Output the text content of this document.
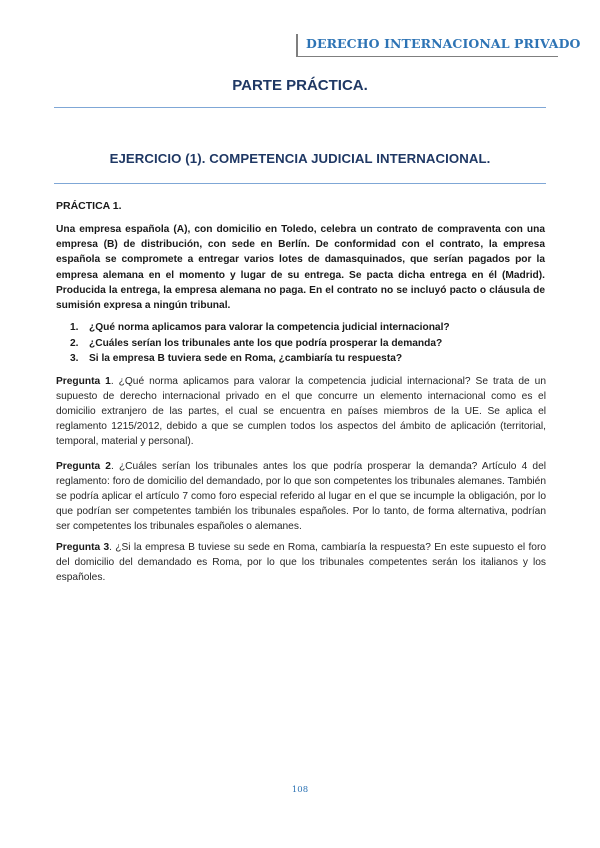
DERECHO INTERNACIONAL PRIVADO
PARTE PRÁCTICA.
EJERCICIO (1). COMPETENCIA JUDICIAL INTERNACIONAL.
PRÁCTICA 1.
Una empresa española (A), con domicilio en Toledo, celebra un contrato de compraventa con una empresa (B) de distribución, con sede en Berlín. De conformidad con el contrato, la empresa española se compromete a entregar varios lotes de damasquinados, que serían pagados por la empresa alemana en el momento y lugar de su entrega. Se pacta dicha entrega en él (Madrid). Producida la entrega, la empresa alemana no paga. En el contrato no se incluyó pacto o cláusula de sumisión expresa a ningún tribunal.
1.	¿Qué norma aplicamos para valorar la competencia judicial internacional?
2.	¿Cuáles serían los tribunales ante los que podría prosperar la demanda?
3.	Si la empresa B tuviera sede en Roma, ¿cambiaría tu respuesta?
Pregunta 1. ¿Qué norma aplicamos para valorar la competencia judicial internacional? Se trata de un supuesto de derecho internacional privado en el que concurre un elemento internacional como es el domicilio extranjero de las partes, el cual se encuentra en países miembros de la UE. Se aplica el reglamento 1215/2012, debido a que se cumplen todos los aspectos del ámbito de aplicación (territorial, temporal, material y personal).
Pregunta 2. ¿Cuáles serían los tribunales antes los que podría prosperar la demanda? Artículo 4 del reglamento: foro de domicilio del demandado, por lo que son competentes los tribunales alemanes. También se podría aplicar el artículo 7 como foro especial referido al lugar en el que se incumple la obligación, por lo que podrían ser competentes también los tribunales españoles. Por lo tanto, de forma alternativa, podrían ser competentes los tribunales españoles o alemanes.
Pregunta 3. ¿Si la empresa B tuviese su sede en Roma, cambiaría la respuesta? En este supuesto el foro del domicilio del demandado es Roma, por lo que los tribunales competentes serán los italianos y los españoles.
108
